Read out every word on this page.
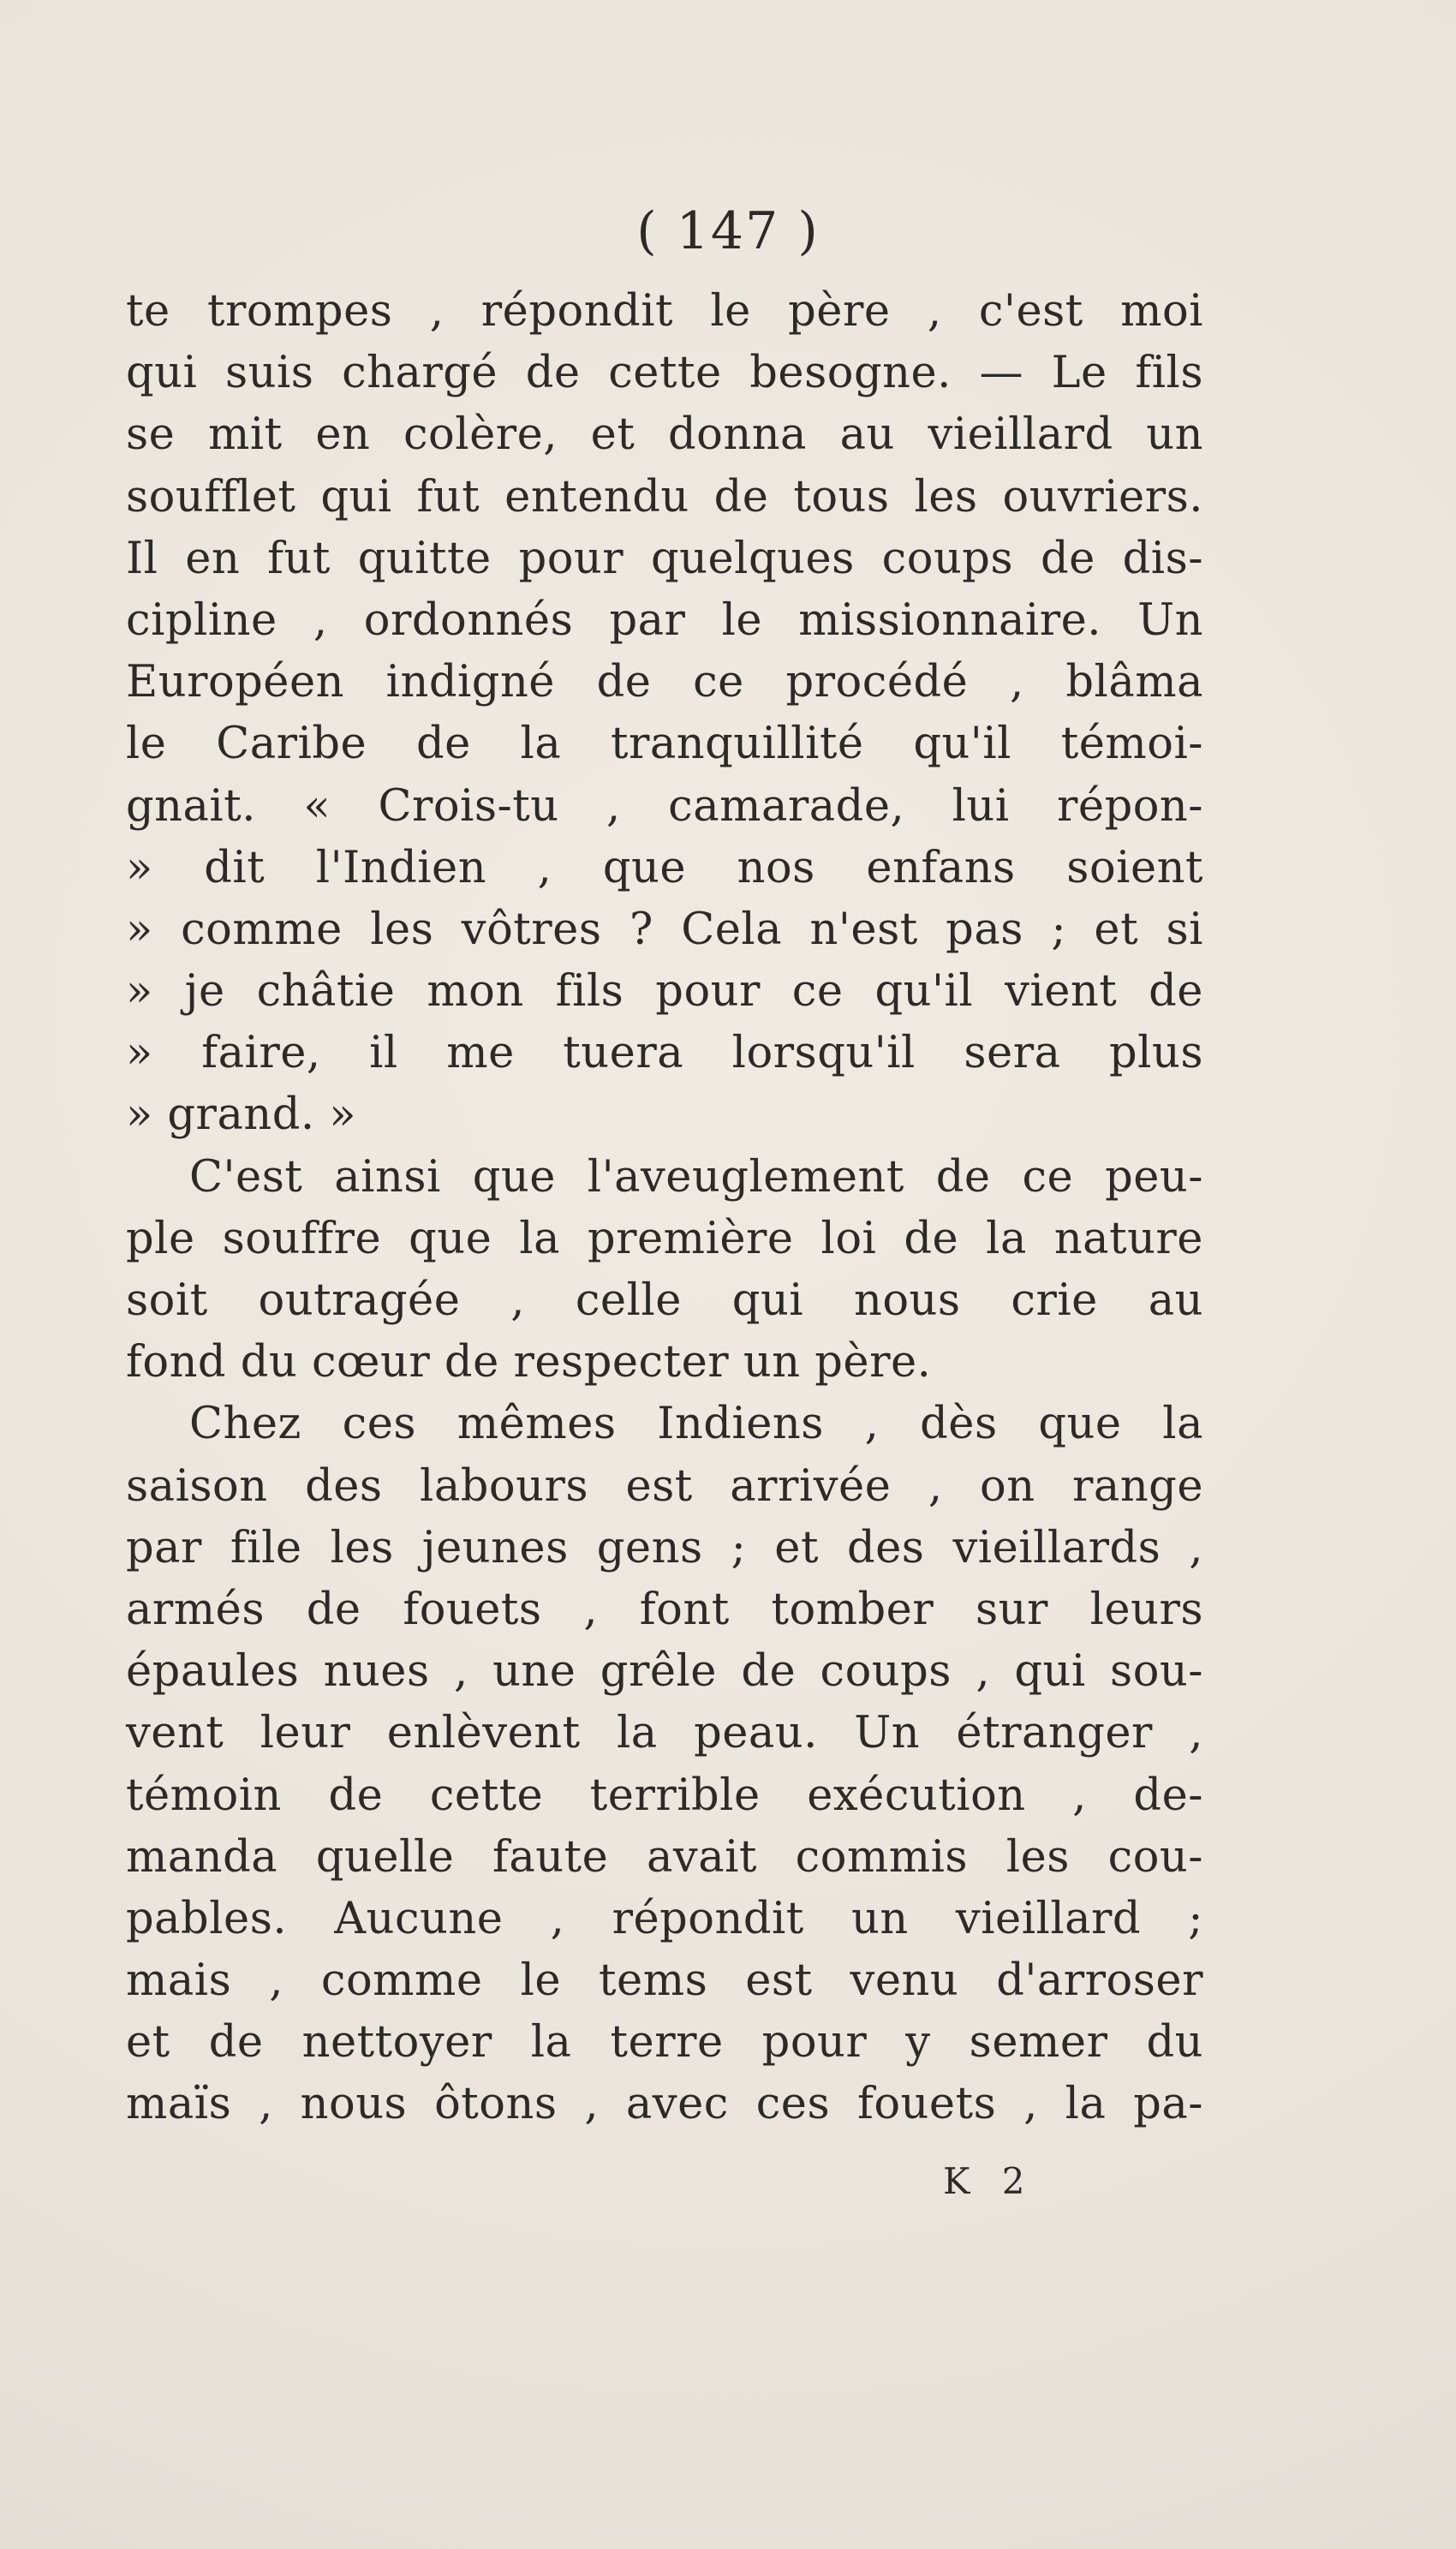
( 147 )
te trompes , répondit le père , c'est moi
qui suis chargé de cette besogne. — Le fils
se mit en colère, et donna au vieillard un
soufflet qui fut entendu de tous les ouvriers.
Il en fut quitte pour quelques coups de dis-
cipline , ordonnés par le missionnaire. Un
Européen indigné de ce procédé , blâma
le Caribe de la tranquillité qu'il témoi-
gnait. « Crois-tu , camarade, lui répon-
» dit l'Indien , que nos enfans soient
» comme les vôtres ? Cela n'est pas ; et si
» je châtie mon fils pour ce qu'il vient de
» faire, il me tuera lorsqu'il sera plus
» grand. »
C'est ainsi que l'aveuglement de ce peu-
ple souffre que la première loi de la nature
soit outragée , celle qui nous crie au
fond du cœur de respecter un père.
Chez ces mêmes Indiens , dès que la
saison des labours est arrivée , on range
par file les jeunes gens ; et des vieillards ,
armés de fouets , font tomber sur leurs
épaules nues , une grêle de coups , qui sou-
vent leur enlèvent la peau. Un étranger ,
témoin de cette terrible exécution , de-
manda quelle faute avait commis les cou-
pables. Aucune , répondit un vieillard ;
mais , comme le tems est venu d'arroser
et de nettoyer la terre pour y semer du
maïs , nous ôtons , avec ces fouets , la pa-
K 2
